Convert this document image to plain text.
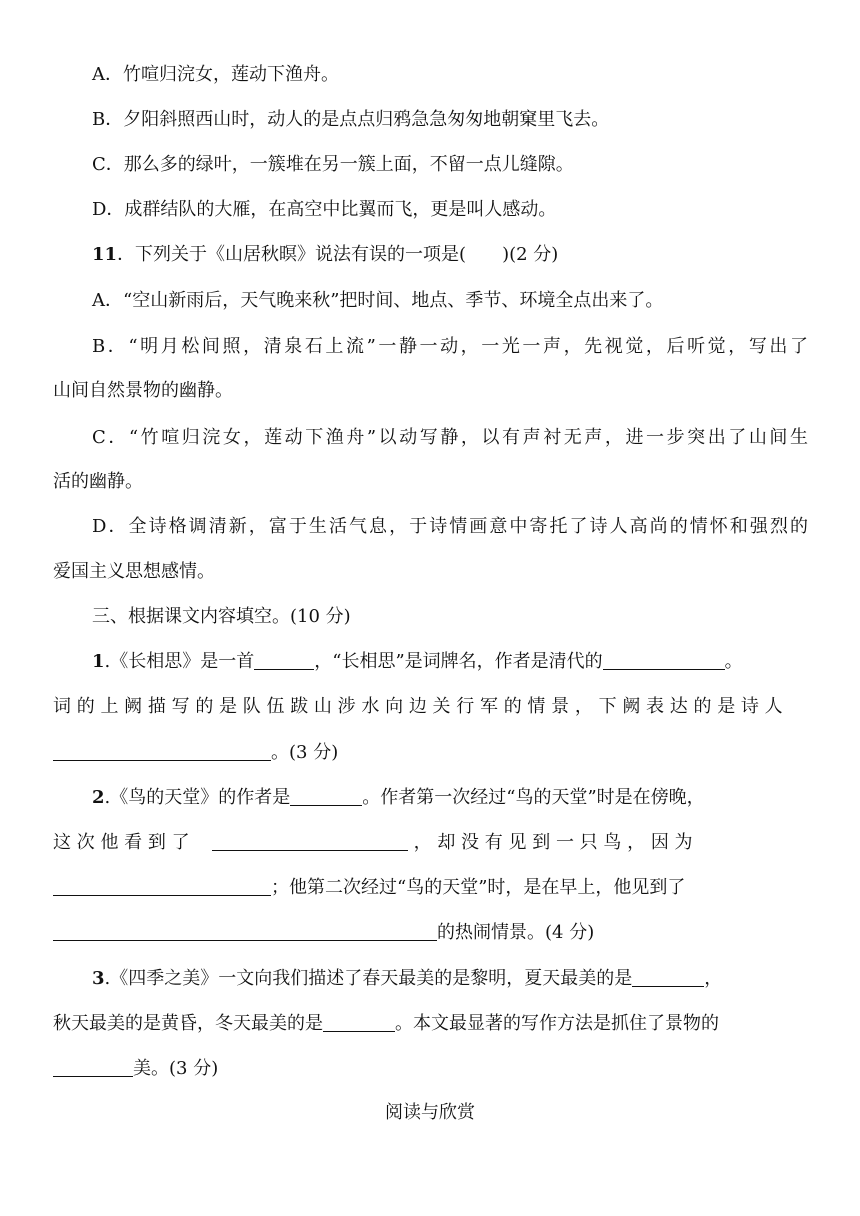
A．竹喧归浣女，莲动下渔舟。
B．夕阳斜照西山时，动人的是点点归鸦急急匆匆地朝窠里飞去。
C．那么多的绿叶，一簇堆在另一簇上面，不留一点儿缝隙。
D．成群结队的大雁，在高空中比翼而飞，更是叫人感动。
11．下列关于《山居秋暝》说法有误的一项是(　　)(2 分)
A．“空山新雨后，天气晚来秋”把时间、地点、季节、环境全点出来了。
B．“明月松间照，清泉石上流”一静一动，一光一声，先视觉，后听觉，写出了
山间自然景物的幽静。
C．“竹喧归浣女，莲动下渔舟”以动写静，以有声衬无声，进一步突出了山间生
活的幽静。
D．全诗格调清新，富于生活气息，于诗情画意中寄托了诗人高尚的情怀和强烈的
爱国主义思想感情。
三、根据课文内容填空。(10 分)
1.《长相思》是一首	，“长相思”是词牌名，作者是清代的	。
词 的 上 阙 描 写 的 是 队 伍 跋 山 涉 水 向 边 关 行 军 的 情 景 ， 下 阙 表 达 的 是 诗 人
。(3 分)
2.《鸟的天堂》的作者是	。作者第一次经过“鸟的天堂”时是在傍晚，
这 次 他 看 到 了	， 却 没 有 见 到 一 只 鸟 ， 因 为
；他第二次经过“鸟的天堂”时，是在早上，他见到了
的热闹情景。(4 分)
3.《四季之美》一文向我们描述了春天最美的是黎明，夏天最美的是	，
秋天最美的是黄昏，冬天最美的是	。本文最显著的写作方法是抓住了景物的
美。(3 分)
阅读与欣赏
